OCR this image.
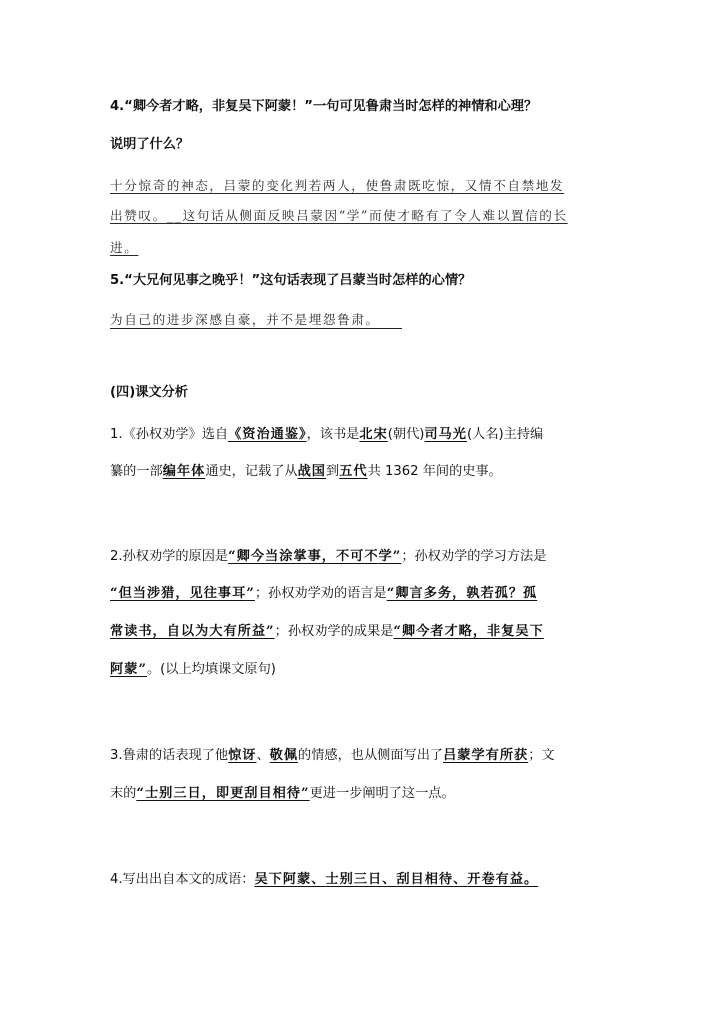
4.“卿今者才略，非复吴下阿蒙！”一句可见鲁肃当时怎样的神情和心理？
说明了什么？
十分惊奇的神态，吕蒙的变化判若两人，使鲁肃既吃惊，又情不自禁地发
出赞叹。__这句话从侧面反映吕蒙因“学”而使才略有了令人难以置信的长
进。
5.“大兄何见事之晚乎！”这句话表现了吕蒙当时怎样的心情？
为自己的进步深感自豪，并不是埋怨鲁肃。
(四)课文分析
1.《孙权劝学》选自《资治通鉴》，该书是北宋(朝代)司马光(人名)主持编
纂的一部编年体通史，记载了从战国到五代共 1362 年间的史事。
2.孙权劝学的原因是“卿今当涂掌事，不可不学”；孙权劝学的学习方法是
“但当涉猎，见往事耳”；孙权劝学劝的语言是“卿言多务，孰若孤？孤
常读书，自以为大有所益”；孙权劝学的成果是“卿今者才略，非复吴下
阿蒙”。(以上均填课文原句)
3.鲁肃的话表现了他惊讶、敬佩的情感，也从侧面写出了吕蒙学有所获；文
末的“士别三日，即更刮目相待”更进一步阐明了这一点。
4.写出出自本文的成语：吴下阿蒙、士别三日、刮目相待、开卷有益。
